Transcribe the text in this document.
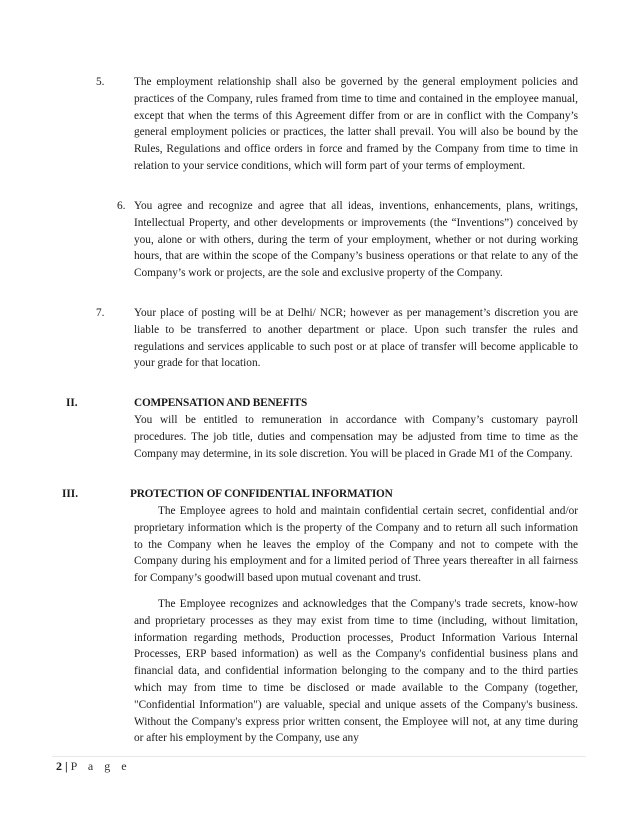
5.	The employment relationship shall also be governed by the general employment policies and practices of the Company, rules framed from time to time and contained in the employee manual, except that when the terms of this Agreement differ from or are in conflict with the Company’s general employment policies or practices, the latter shall prevail. You will also be bound by the Rules, Regulations and office orders in force and framed by the Company from time to time in relation to your service conditions, which will form part of your terms of employment.

6. You agree and recognize and agree that all ideas, inventions, enhancements, plans, writings, Intellectual Property, and other developments or improvements (the “Inventions”) conceived by you, alone or with others, during the term of your employment, whether or not during working hours, that are within the scope of the Company’s business operations or that relate to any of the Company’s work or projects, are the sole and exclusive property of the Company.

7.	Your place of posting will be at Delhi/ NCR; however as per management’s discretion you are liable to be transferred to another department or place. Upon such transfer the rules and regulations and services applicable to such post or at place of transfer will become applicable to your grade for that location.

II.	COMPENSATION AND BENEFITS

You will be entitled to remuneration in accordance with Company’s customary payroll procedures. The job title, duties and compensation may be adjusted from time to time as the Company may determine, in its sole discretion. You will be placed in Grade M1 of the Company.

III.	PROTECTION OF CONFIDENTIAL INFORMATION

The Employee agrees to hold and maintain confidential certain secret, confidential and/or proprietary information which is the property of the Company and to return all such information to the Company when he leaves the employ of the Company and not to compete with the Company during his employment and for a limited period of Three years thereafter in all fairness for Company’s goodwill based upon mutual covenant and trust.

The Employee recognizes and acknowledges that the Company's trade secrets, know-how and proprietary processes as they may exist from time to time (including, without limitation, information regarding methods, Production processes, Product Information Various Internal Processes, ERP based information) as well as the Company's confidential business plans and financial data, and confidential information belonging to the company and to the third parties which may from time to time be disclosed or made available to the Company (together, "Confidential Information") are valuable, special and unique assets of the Company's business. Without the Company's express prior written consent, the Employee will not, at any time during or after his employment by the Company, use any

2 | P a g e
